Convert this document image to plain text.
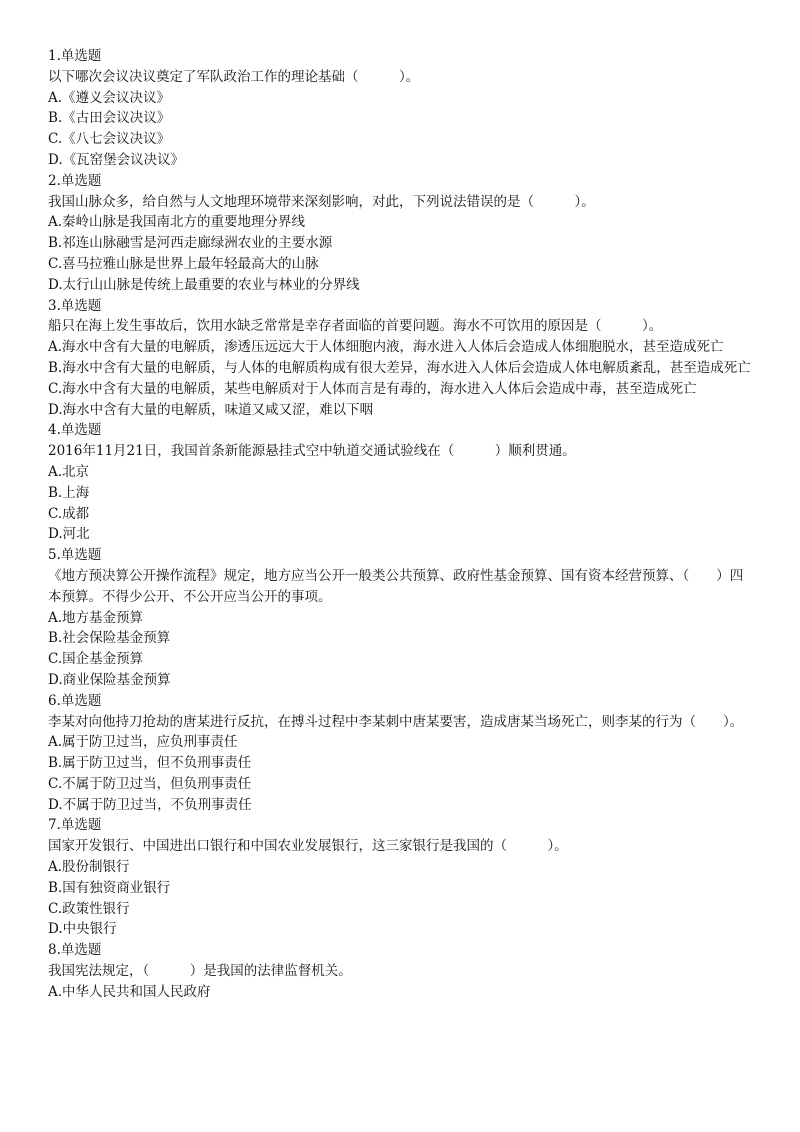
1.单选题
以下哪次会议决议奠定了军队政治工作的理论基础（　　　）。
A.《遵义会议决议》
B.《古田会议决议》
C.《八七会议决议》
D.《瓦窑堡会议决议》
2.单选题
我国山脉众多，给自然与人文地理环境带来深刻影响，对此，下列说法错误的是（　　　）。
A.秦岭山脉是我国南北方的重要地理分界线
B.祁连山脉融雪是河西走廊绿洲农业的主要水源
C.喜马拉雅山脉是世界上最年轻最高大的山脉
D.太行山山脉是传统上最重要的农业与林业的分界线
3.单选题
船只在海上发生事故后，饮用水缺乏常常是幸存者面临的首要问题。海水不可饮用的原因是（　　　）。
A.海水中含有大量的电解质，渗透压远远大于人体细胞内液，海水进入人体后会造成人体细胞脱水，甚至造成死亡
B.海水中含有大量的电解质，与人体的电解质构成有很大差异，海水进入人体后会造成人体电解质紊乱，甚至造成死亡
C.海水中含有大量的电解质，某些电解质对于人体而言是有毒的，海水进入人体后会造成中毒，甚至造成死亡
D.海水中含有大量的电解质，味道又咸又涩，难以下咽
4.单选题
2016年11月21日，我国首条新能源悬挂式空中轨道交通试验线在（　　　）顺利贯通。
A.北京
B.上海
C.成都
D.河北
5.单选题
《地方预决算公开操作流程》规定，地方应当公开一般类公共预算、政府性基金预算、国有资本经营预算、（　　）四本预算。不得少公开、不公开应当公开的事项。
A.地方基金预算
B.社会保险基金预算
C.国企基金预算
D.商业保险基金预算
6.单选题
李某对向他持刀抢劫的唐某进行反抗，在搏斗过程中李某刺中唐某要害，造成唐某当场死亡，则李某的行为（　　）。
A.属于防卫过当，应负刑事责任
B.属于防卫过当，但不负刑事责任
C.不属于防卫过当，但负刑事责任
D.不属于防卫过当，不负刑事责任
7.单选题
国家开发银行、中国进出口银行和中国农业发展银行，这三家银行是我国的（　　　）。
A.股份制银行
B.国有独资商业银行
C.政策性银行
D.中央银行
8.单选题
我国宪法规定，（　　　）是我国的法律监督机关。
A.中华人民共和国人民政府
